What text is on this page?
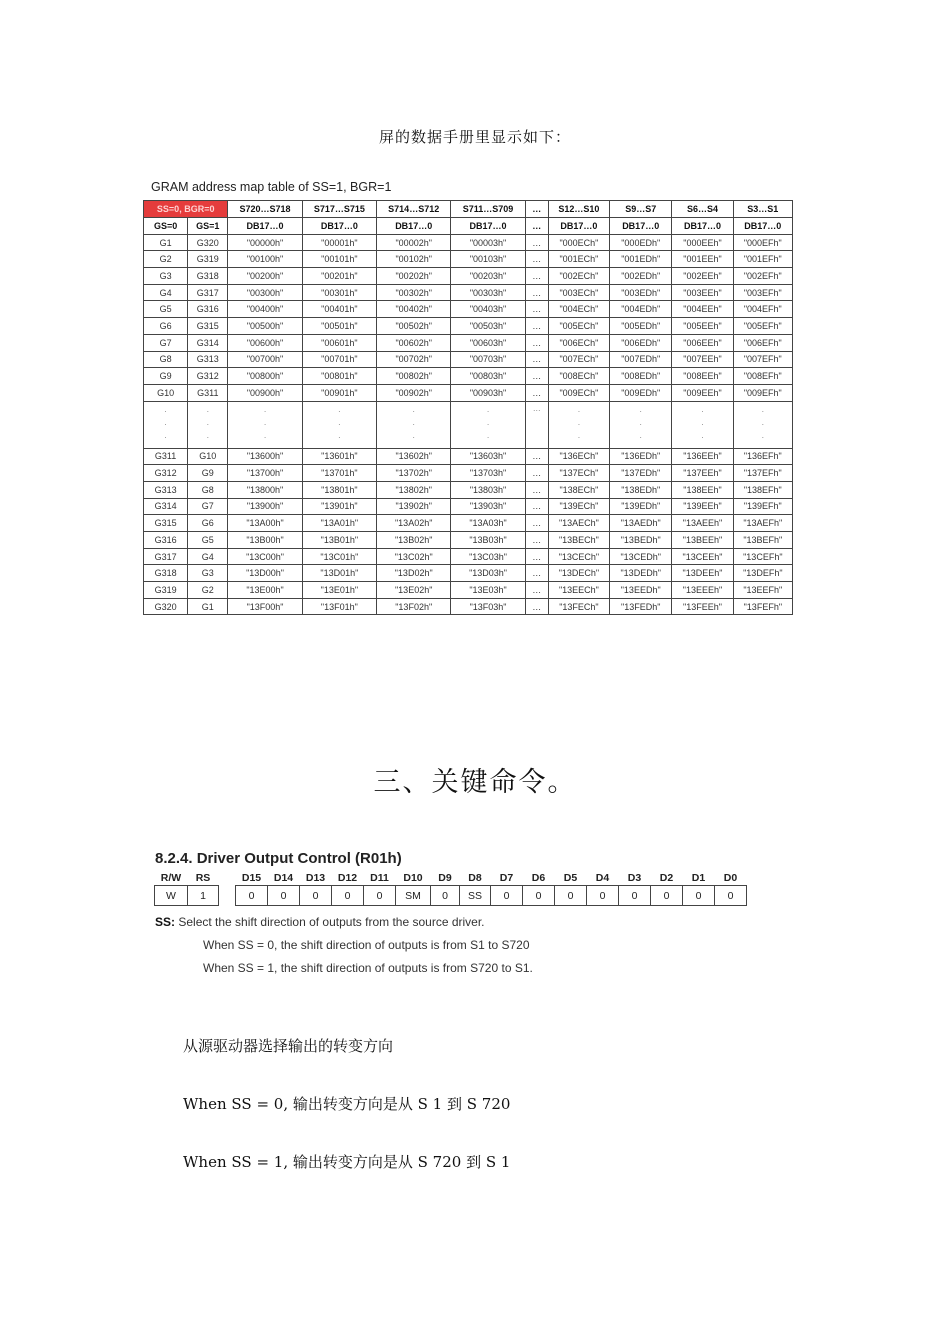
屏的数据手册里显示如下：
GRAM address map table of SS=1, BGR=1
SS=0, BGR=0		S720…S718	S717…S715	S714…S712	S711…S709	…	S12…S10	S9…S7	S6…S4	S3…S1
GS=0	GS=1	DB17…0	DB17…0	DB17…0	DB17…0	…	DB17…0	DB17…0	DB17…0	DB17…0
G1	G320	"00000h"	"00001h"	"00002h"	"00003h"	…	"000ECh"	"000EDh"	"000EEh"	"000EFh"
G2	G319	"00100h"	"00101h"	"00102h"	"00103h"	…	"001ECh"	"001EDh"	"001EEh"	"001EFh"
G3	G318	"00200h"	"00201h"	"00202h"	"00203h"	…	"002ECh"	"002EDh"	"002EEh"	"002EFh"
G4	G317	"00300h"	"00301h"	"00302h"	"00303h"	…	"003ECh"	"003EDh"	"003EEh"	"003EFh"
G5	G316	"00400h"	"00401h"	"00402h"	"00403h"	…	"004ECh"	"004EDh"	"004EEh"	"004EFh"
G6	G315	"00500h"	"00501h"	"00502h"	"00503h"	…	"005ECh"	"005EDh"	"005EEh"	"005EFh"
G7	G314	"00600h"	"00601h"	"00602h"	"00603h"	…	"006ECh"	"006EDh"	"006EEh"	"006EFh"
G8	G313	"00700h"	"00701h"	"00702h"	"00703h"	…	"007ECh"	"007EDh"	"007EEh"	"007EFh"
G9	G312	"00800h"	"00801h"	"00802h"	"00803h"	…	"008ECh"	"008EDh"	"008EEh"	"008EFh"
G10	G311	"00900h"	"00901h"	"00902h"	"00903h"	…	"009ECh"	"009EDh"	"009EEh"	"009EFh"

·
·
·	·
·
·	·
·
·	·
·
·	·
·
·	·
·
·	…	·
·
·	·
·
·	·
·
·	·
·
·

G311	G10	"13600h"	"13601h"	"13602h"	"13603h"	…	"136ECh"	"136EDh"	"136EEh"	"136EFh"
G312	G9	"13700h"	"13701h"	"13702h"	"13703h"	…	"137ECh"	"137EDh"	"137EEh"	"137EFh"
G313	G8	"13800h"	"13801h"	"13802h"	"13803h"	…	"138ECh"	"138EDh"	"138EEh"	"138EFh"
G314	G7	"13900h"	"13901h"	"13902h"	"13903h"	…	"139ECh"	"139EDh"	"139EEh"	"139EFh"
G315	G6	"13A00h"	"13A01h"	"13A02h"	"13A03h"	…	"13AECh"	"13AEDh"	"13AEEh"	"13AEFh"
G316	G5	"13B00h"	"13B01h"	"13B02h"	"13B03h"	…	"13BECh"	"13BEDh"	"13BEEh"	"13BEFh"
G317	G4	"13C00h"	"13C01h"	"13C02h"	"13C03h"	…	"13CECh"	"13CEDh"	"13CEEh"	"13CEFh"
G318	G3	"13D00h"	"13D01h"	"13D02h"	"13D03h"	…	"13DECh"	"13DEDh"	"13DEEh"	"13DEFh"
G319	G2	"13E00h"	"13E01h"	"13E02h"	"13E03h"	…	"13EECh"	"13EEDh"	"13EEEh"	"13EEFh"
G320	G1	"13F00h"	"13F01h"	"13F02h"	"13F03h"	…	"13FECh"	"13FEDh"	"13FEEh"	"13FEFh"
三、关键命令。
8.2.4. Driver Output Control (R01h)
R/W	RS		D15	D14	D13	D12	D11	D10	D9	D8	D7	D6	D5	D4	D3	D2	D1	D0
W	1		0	0	0	0	0	SM	0	SS	0	0	0	0	0	0	0	0
SS: Select the shift direction of outputs from the source driver.
When SS = 0, the shift direction of outputs is from S1 to S720
When SS = 1, the shift direction of outputs is from S720 to S1.
从源驱动器选择输出的转变方向
When SS = 0, 输出转变方向是从 S 1 到 S 720
When SS = 1, 输出转变方向是从 S 720 到 S 1
